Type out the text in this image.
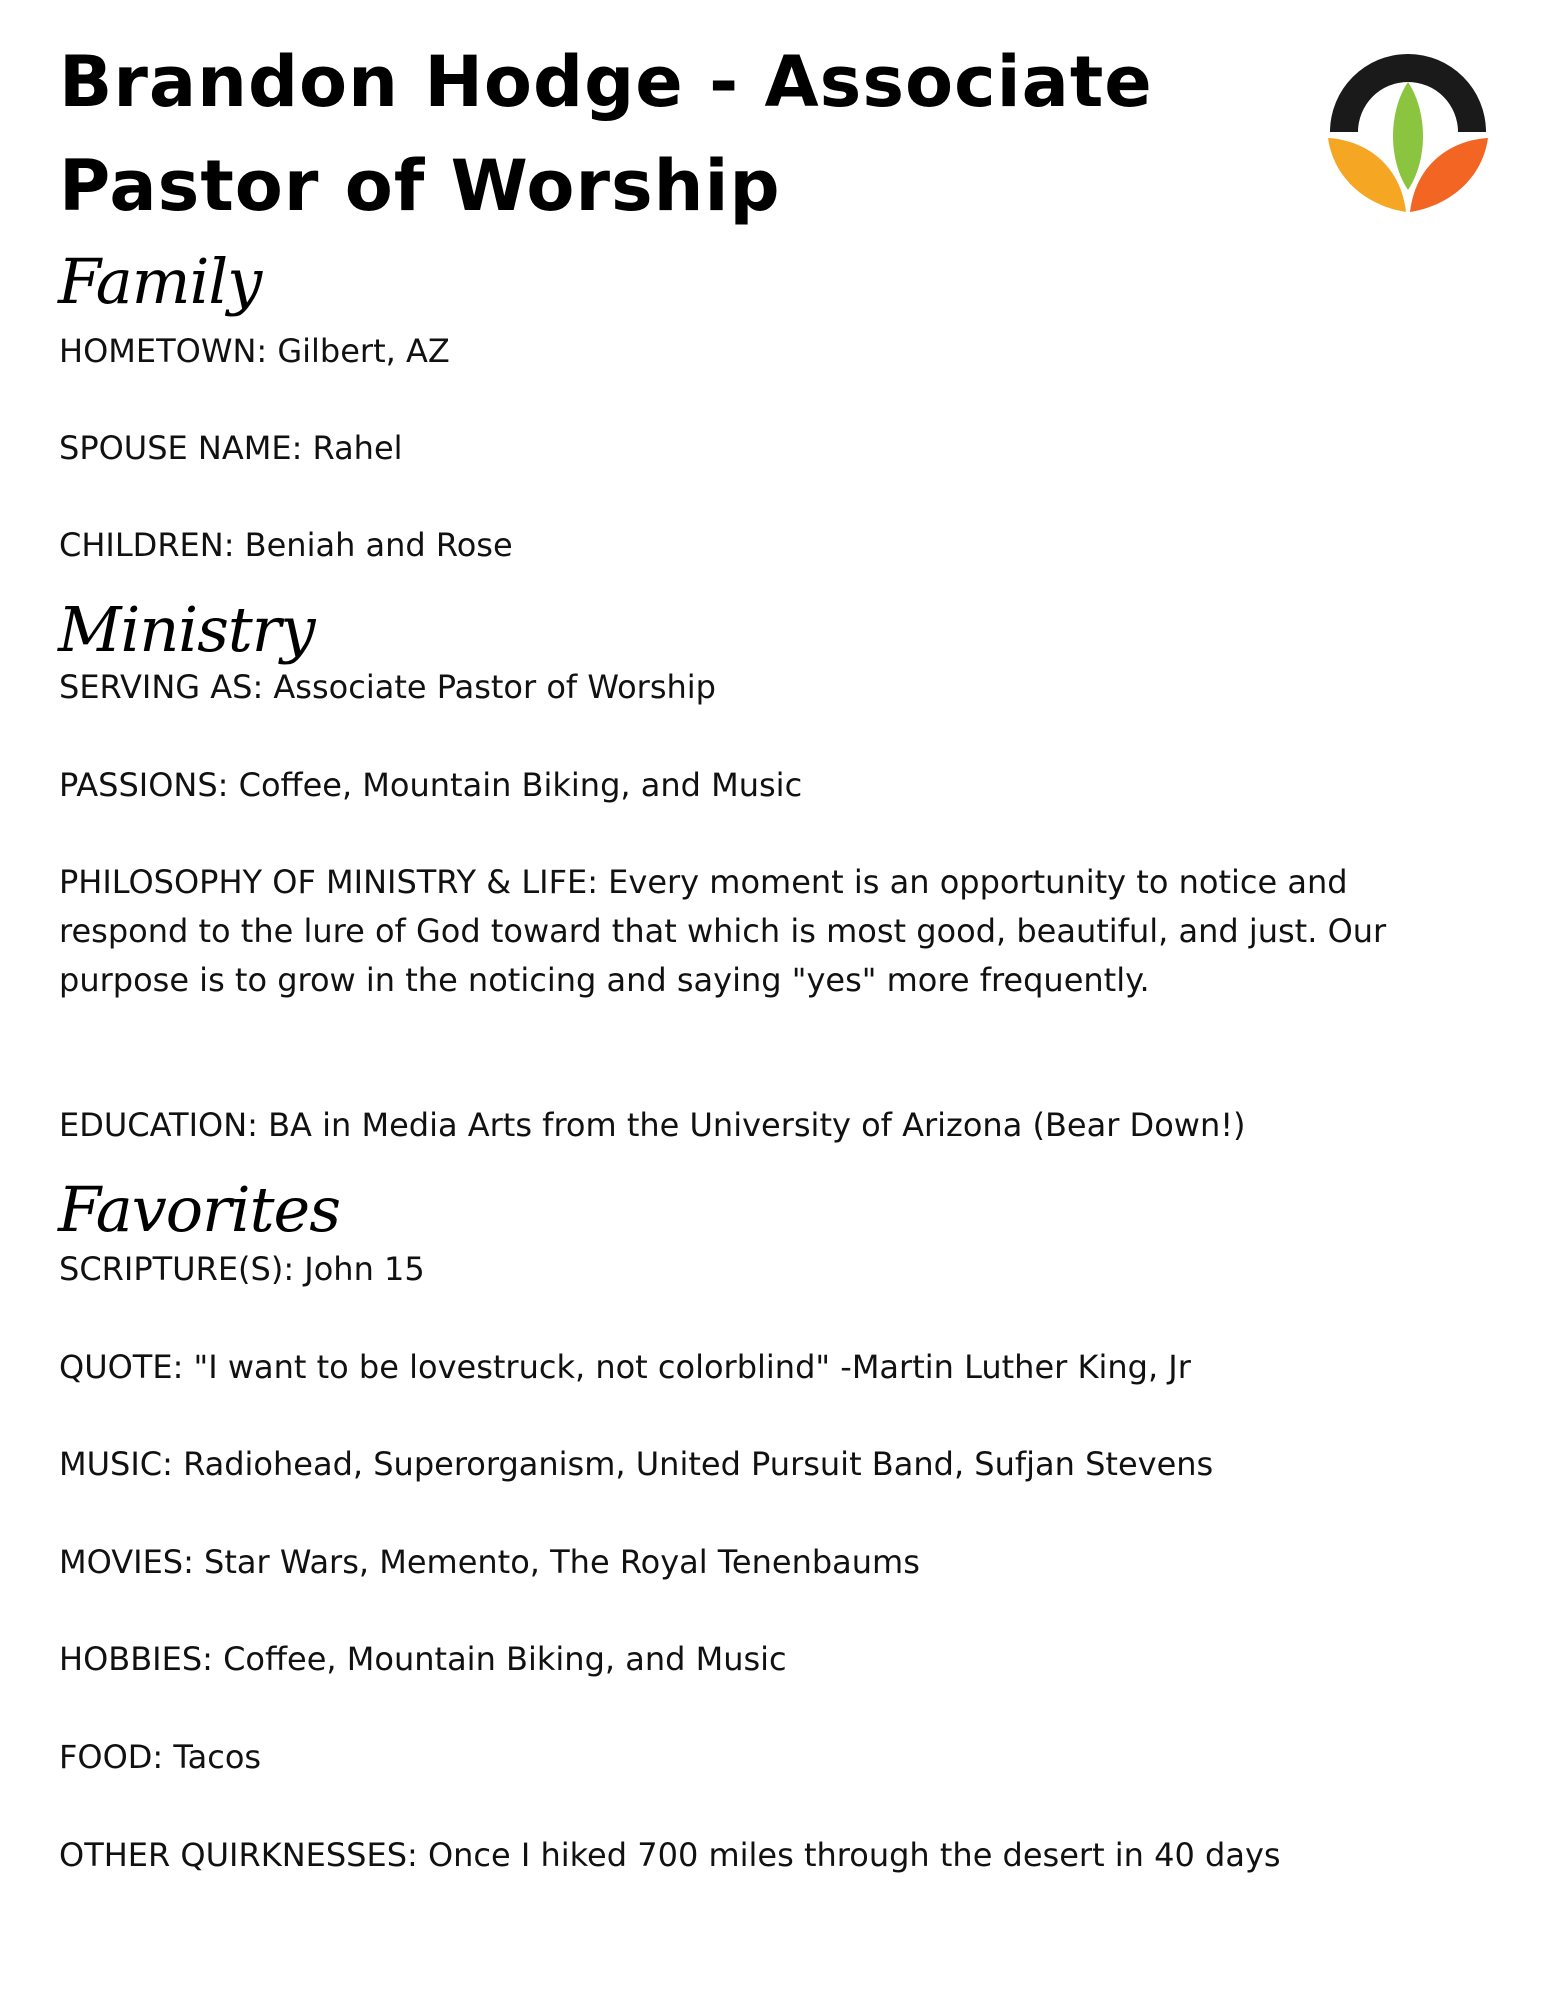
Brandon Hodge - Associate Pastor of Worship
Family

HOMETOWN: Gilbert, AZ

SPOUSE NAME: Rahel

CHILDREN: Beniah and Rose

Ministry

SERVING AS: Associate Pastor of Worship

PASSIONS: Coffee, Mountain Biking, and Music

PHILOSOPHY OF MINISTRY & LIFE: Every moment is an opportunity to notice and respond to the lure of God toward that which is most good, beautiful, and just. Our purpose is to grow in the noticing and saying "yes" more frequently.

EDUCATION: BA in Media Arts from the University of Arizona (Bear Down!)

Favorites

SCRIPTURE(S): John 15

QUOTE: "I want to be lovestruck, not colorblind" -Martin Luther King, Jr

MUSIC: Radiohead, Superorganism, United Pursuit Band, Sufjan Stevens

MOVIES: Star Wars, Memento, The Royal Tenenbaums

HOBBIES: Coffee, Mountain Biking, and Music

FOOD: Tacos

OTHER QUIRKNESSES: Once I hiked 700 miles through the desert in 40 days
